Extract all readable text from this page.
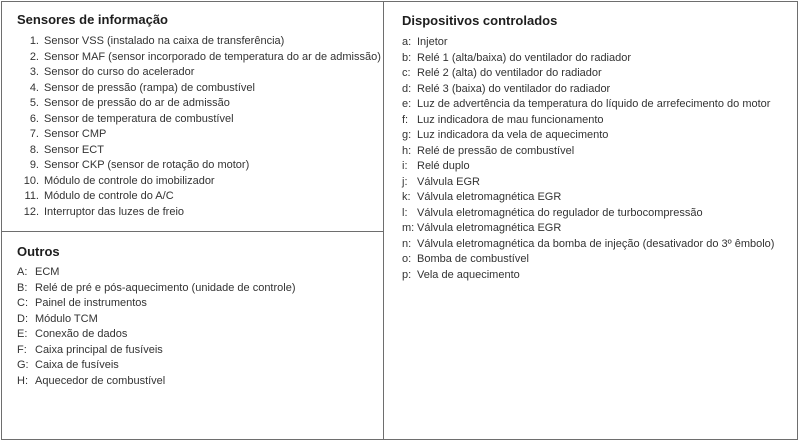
Sensores de informação
1. Sensor VSS (instalado na caixa de transferência)
2. Sensor MAF (sensor incorporado de temperatura do ar de admissão)
3. Sensor do curso do acelerador
4. Sensor de pressão (rampa) de combustível
5. Sensor de pressão do ar de admissão
6. Sensor de temperatura de combustível
7. Sensor CMP
8. Sensor ECT
9. Sensor CKP (sensor de rotação do motor)
10. Módulo de controle do imobilizador
11. Módulo de controle do A/C
12. Interruptor das luzes de freio
Outros
A: ECM
B: Relé de pré e pós-aquecimento (unidade de controle)
C: Painel de instrumentos
D: Módulo TCM
E: Conexão de dados
F: Caixa principal de fusíveis
G: Caixa de fusíveis
H: Aquecedor de combustível
Dispositivos controlados
a: Injetor
b: Relé 1 (alta/baixa) do ventilador do radiador
c: Relé 2 (alta) do ventilador do radiador
d: Relé 3 (baixa) do ventilador do radiador
e: Luz de advertência da temperatura do líquido de arrefecimento do motor
f: Luz indicadora de mau funcionamento
g: Luz indicadora da vela de aquecimento
h: Relé de pressão de combustível
i: Relé duplo
j: Válvula EGR
k: Válvula eletromagnética EGR
l: Válvula eletromagnética do regulador de turbocompressão
m: Válvula eletromagnética EGR
n: Válvula eletromagnética da bomba de injeção (desativador do 3º êmbolo)
o: Bomba de combustível
p: Vela de aquecimento
